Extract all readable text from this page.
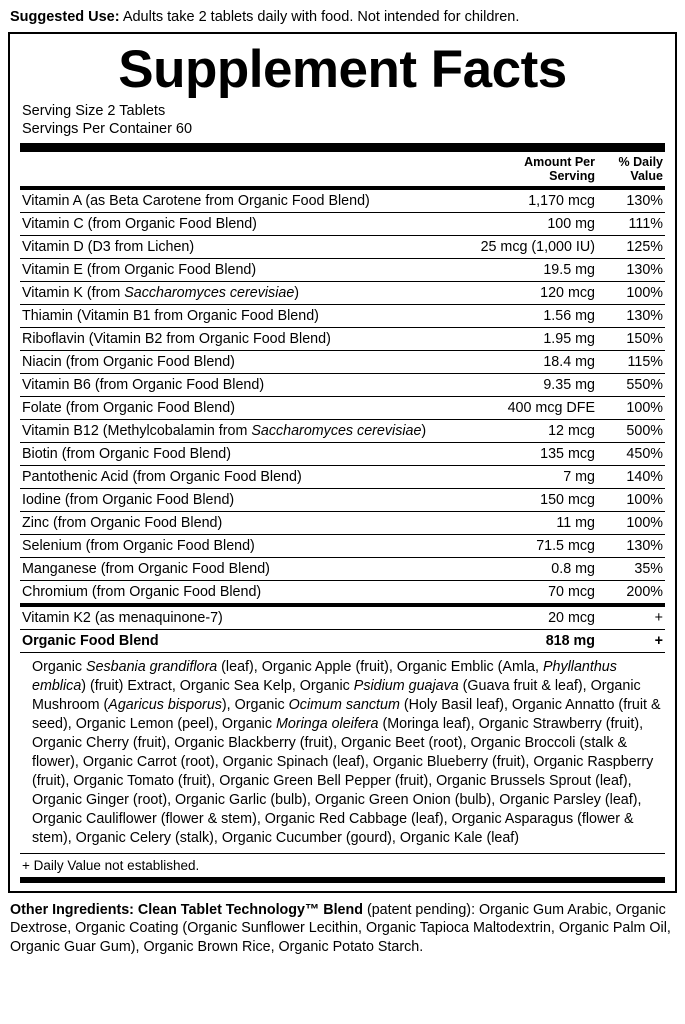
Suggested Use: Adults take 2 tablets daily with food. Not intended for children.
Supplement Facts
Serving Size 2 Tablets
Servings Per Container 60

Amount Per
Serving

% Daily
Value
Vitamin A (as Beta Carotene from Organic Food Blend)	1,170 mcg	130%
Vitamin C (from Organic Food Blend)	100 mg	111%
Vitamin D (D3 from Lichen)	25 mcg (1,000 IU)	125%
Vitamin E (from Organic Food Blend)	19.5 mg	130%
Vitamin K (from Saccharomyces cerevisiae)	120 mcg	100%
Thiamin (Vitamin B1 from Organic Food Blend)	1.56 mg	130%
Riboflavin (Vitamin B2 from Organic Food Blend)	1.95 mg	150%
Niacin (from Organic Food Blend)	18.4 mg	115%
Vitamin B6 (from Organic Food Blend)	9.35 mg	550%
Folate (from Organic Food Blend)	400 mcg DFE	100%
Vitamin B12 (Methylcobalamin from Saccharomyces cerevisiae)	12 mcg	500%
Biotin (from Organic Food Blend)	135 mcg	450%
Pantothenic Acid (from Organic Food Blend)	7 mg	140%
Iodine (from Organic Food Blend)	150 mcg	100%
Zinc (from Organic Food Blend)	11 mg	100%
Selenium (from Organic Food Blend)	71.5 mcg	130%
Manganese (from Organic Food Blend)	0.8 mg	35%
Chromium (from Organic Food Blend)	70 mcg	200%
Vitamin K2 (as menaquinone-7)	20 mcg	+
Organic Food Blend	818 mg	+
Organic Sesbania grandiflora (leaf), Organic Apple (fruit), Organic Emblic (Amla, Phyllanthus emblica) (fruit) Extract, Organic Sea Kelp, Organic Psidium guajava (Guava fruit & leaf), Organic Mushroom (Agaricus bisporus), Organic Ocimum sanctum (Holy Basil leaf), Organic Annatto (fruit & seed), Organic Lemon (peel), Organic Moringa oleifera (Moringa leaf), Organic Strawberry (fruit), Organic Cherry (fruit), Organic Blackberry (fruit), Organic Beet (root), Organic Broccoli (stalk & flower), Organic Carrot (root), Organic Spinach (leaf), Organic Blueberry (fruit), Organic Raspberry (fruit), Organic Tomato (fruit), Organic Green Bell Pepper (fruit), Organic Brussels Sprout (leaf), Organic Ginger (root), Organic Garlic (bulb), Organic Green Onion (bulb), Organic Parsley (leaf), Organic Cauliflower (flower & stem), Organic Red Cabbage (leaf), Organic Asparagus (flower & stem), Organic Celery (stalk), Organic Cucumber (gourd), Organic Kale (leaf)
+ Daily Value not established.
Other Ingredients: Clean Tablet Technology™ Blend (patent pending): Organic Gum Arabic, Organic Dextrose, Organic Coating (Organic Sunflower Lecithin, Organic Tapioca Maltodextrin, Organic Palm Oil, Organic Guar Gum), Organic Brown Rice, Organic Potato Starch.
